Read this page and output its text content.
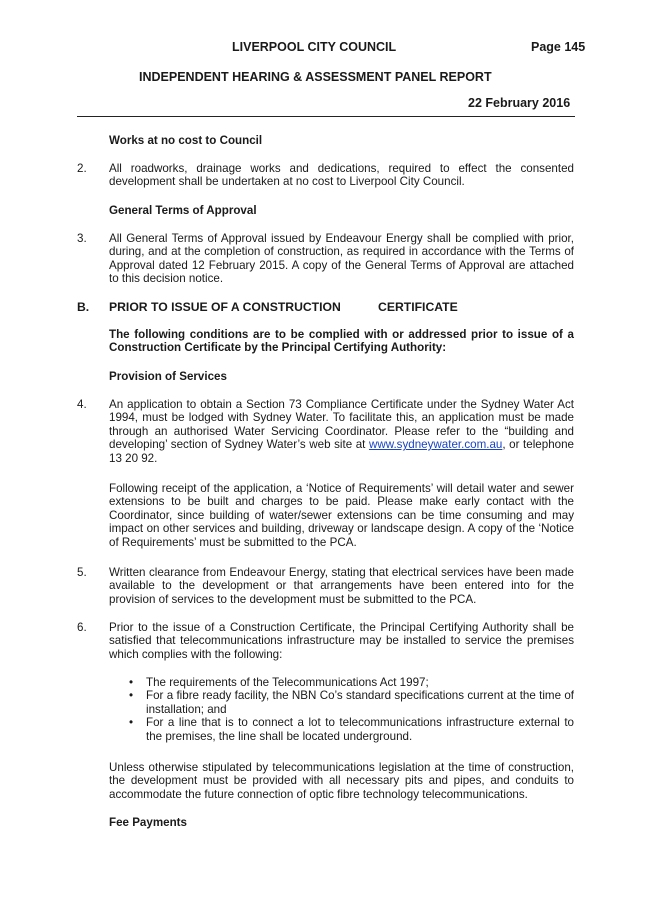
LIVERPOOL CITY COUNCIL	Page 145
INDEPENDENT HEARING & ASSESSMENT PANEL REPORT
22 February 2016
Works at no cost to Council
2. All roadworks, drainage works and dedications, required to effect the consented development shall be undertaken at no cost to Liverpool City Council.
General Terms of Approval
3. All General Terms of Approval issued by Endeavour Energy shall be complied with prior, during, and at the completion of construction, as required in accordance with the Terms of Approval dated 12 February 2015. A copy of the General Terms of Approval are attached to this decision notice.
B. PRIOR TO ISSUE OF A CONSTRUCTION           CERTIFICATE
The following conditions are to be complied with or addressed prior to issue of a Construction Certificate by the Principal Certifying Authority:
Provision of Services
4. An application to obtain a Section 73 Compliance Certificate under the Sydney Water Act 1994, must be lodged with Sydney Water. To facilitate this, an application must be made through an authorised Water Servicing Coordinator. Please refer to the “building and developing’ section of Sydney Water’s web site at www.sydneywater.com.au, or telephone 13 20 92.
Following receipt of the application, a ‘Notice of Requirements’ will detail water and sewer extensions to be built and charges to be paid. Please make early contact with the Coordinator, since building of water/sewer extensions can be time consuming and may impact on other services and building, driveway or landscape design. A copy of the ‘Notice of Requirements’ must be submitted to the PCA.
5. Written clearance from Endeavour Energy, stating that electrical services have been made available to the development or that arrangements have been entered into for the provision of services to the development must be submitted to the PCA.
6. Prior to the issue of a Construction Certificate, the Principal Certifying Authority shall be satisfied that telecommunications infrastructure may be installed to service the premises which complies with the following:
• The requirements of the Telecommunications Act 1997;
• For a fibre ready facility, the NBN Co’s standard specifications current at the time of installation; and
• For a line that is to connect a lot to telecommunications infrastructure external to the premises, the line shall be located underground.
Unless otherwise stipulated by telecommunications legislation at the time of construction, the development must be provided with all necessary pits and pipes, and conduits to accommodate the future connection of optic fibre technology telecommunications.
Fee Payments
